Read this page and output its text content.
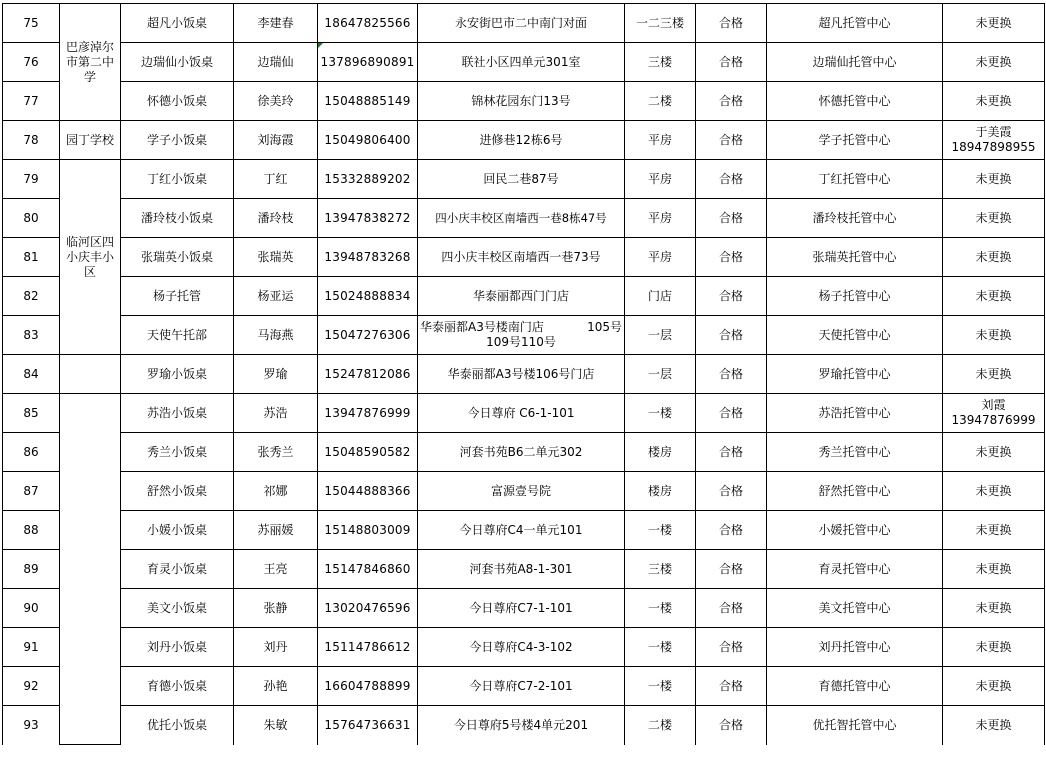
75	巴彦淖尔市第二中学	超凡小饭桌	李建春	18647825566	永安街巴市二中南门对面	一二三楼	合格	超凡托管中心	未更换
76		边瑞仙小饭桌	边瑞仙	137896890891	联社小区四单元301室	三楼	合格	边瑞仙托管中心	未更换
77		怀德小饭桌	徐美玲	15048885149	锦林花园东门13号	二楼	合格	怀德托管中心	未更换
78	园丁学校	学子小饭桌	刘海霞	15049806400	进修巷12栋6号	平房	合格	学子托管中心	于美霞
18947898955

79	临河区四小庆丰小区	丁红小饭桌	丁红	15332889202	回民二巷87号	平房	合格	丁红托管中心	未更换
80		潘玲枝小饭桌	潘玲枝	13947838272	四小庆丰校区南墙西一巷8栋47号	平房	合格	潘玲枝托管中心	未更换
81		张瑞英小饭桌	张瑞英	13948783268	四小庆丰校区南墙西一巷73号	平房	合格	张瑞英托管中心	未更换
82		杨子托管	杨亚运	15024888834	华泰丽都西门门店	门店	合格	杨子托管中心	未更换
83		天使午托部	马海燕	15047276306	华泰丽都A3号楼南门店 105号
109号110号	一层	合格	天使托管中心	未更换
84		罗瑜小饭桌	罗瑜	15247812086	华泰丽都A3号楼106号门店	一层	合格	罗瑜托管中心	未更换
85		苏浩小饭桌	苏浩	13947876999	今日尊府 C6-1-101	一楼	合格	苏浩托管中心	刘霞
13947876999

86		秀兰小饭桌	张秀兰	15048590582	河套书苑B6二单元302	楼房	合格	秀兰托管中心	未更换
87		舒然小饭桌	祁娜	15044888366	富源壹号院	楼房	合格	舒然托管中心	未更换
88		小媛小饭桌	苏丽媛	15148803009	今日尊府C4一单元101	一楼	合格	小媛托管中心	未更换
89		育灵小饭桌	王亮	15147846860	河套书苑A8-1-301	三楼	合格	育灵托管中心	未更换
90		美文小饭桌	张静	13020476596	今日尊府C7-1-101	一楼	合格	美文托管中心	未更换
91		刘丹小饭桌	刘丹	15114786612	今日尊府C4-3-102	一楼	合格	刘丹托管中心	未更换
92		育德小饭桌	孙艳	16604788899	今日尊府C7-2-101	一楼	合格	育德托管中心	未更换
93		优托小饭桌	朱敏	15764736631	今日尊府5号楼4单元201	二楼	合格	优托智托管中心	未更换
